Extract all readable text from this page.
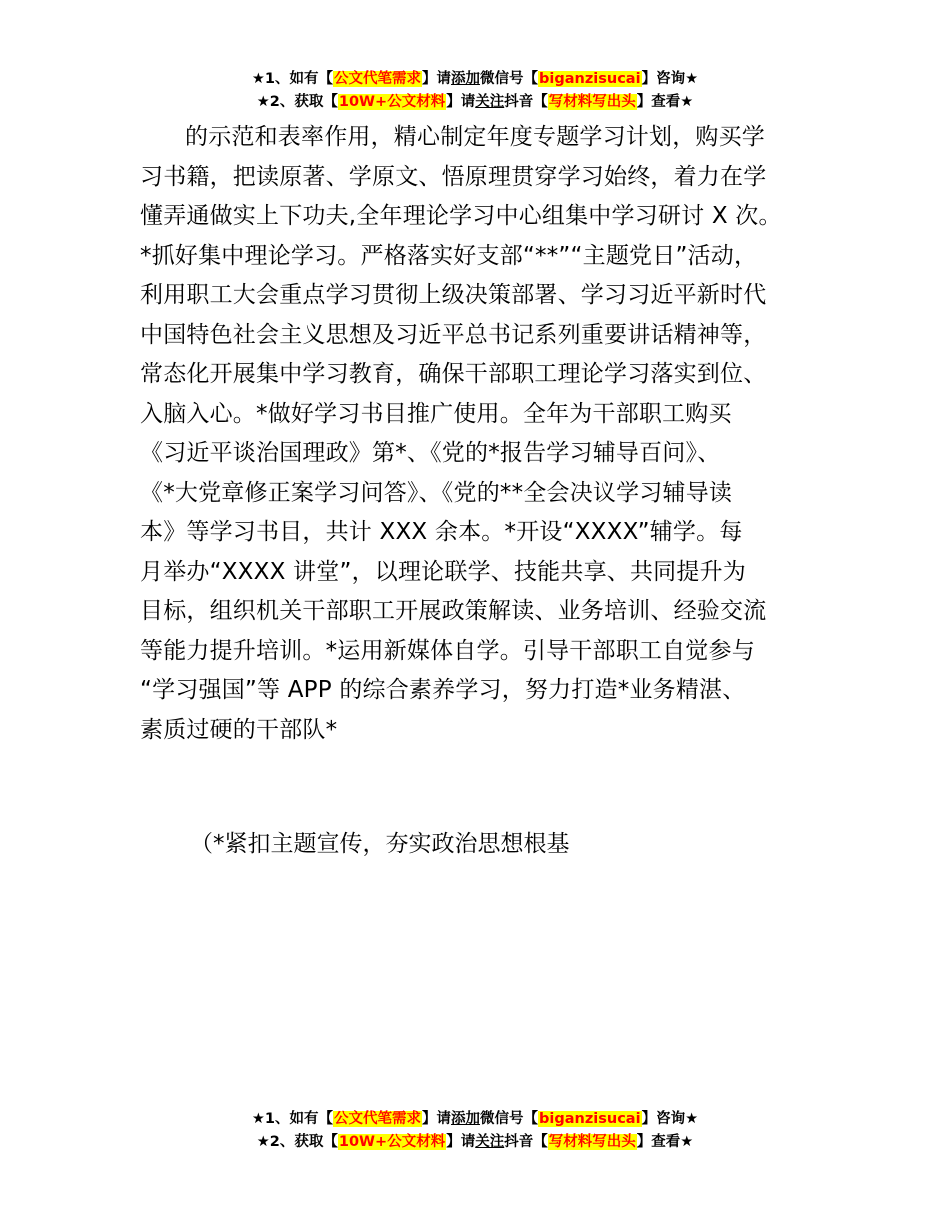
★1、如有【公文代笔需求】请添加微信号【biganzisucai】咨询★
★2、获取【10W+公文材料】请关注抖音【写材料写出头】查看★
的示范和表率作用，精心制定年度专题学习计划，购买学
习书籍，把读原著、学原文、悟原理贯穿学习始终，着力在学
懂弄通做实上下功夫,全年理论学习中心组集中学习研讨 X 次。
*抓好集中理论学习。严格落实好支部“**”“主题党日”活动，
利用职工大会重点学习贯彻上级决策部署、学习习近平新时代
中国特色社会主义思想及习近平总书记系列重要讲话精神等，
常态化开展集中学习教育，确保干部职工理论学习落实到位、
入脑入心。*做好学习书目推广使用。全年为干部职工购买
《习近平谈治国理政》第*、《党的*报告学习辅导百问》、
《*大党章修正案学习问答》、《党的**全会决议学习辅导读
本》等学习书目，共计 XXX 余本。*开设“XXXX”辅学。每
月举办“XXXX 讲堂”，以理论联学、技能共享、共同提升为
目标，组织机关干部职工开展政策解读、业务培训、经验交流
等能力提升培训。*运用新媒体自学。引导干部职工自觉参与
“学习强国”等 APP 的综合素养学习，努力打造*业务精湛、
素质过硬的干部队*
（*紧扣主题宣传，夯实政治思想根基
★1、如有【公文代笔需求】请添加微信号【biganzisucai】咨询★
★2、获取【10W+公文材料】请关注抖音【写材料写出头】查看★
